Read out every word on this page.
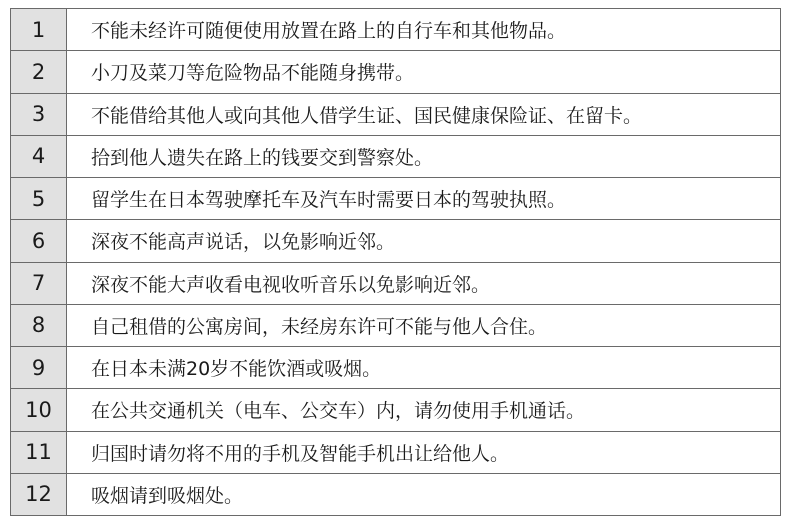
1	不能未经许可随便使用放置在路上的自行车和其他物品。
2	小刀及菜刀等危险物品不能随身携带。
3	不能借给其他人或向其他人借学生证、国民健康保险证、在留卡。
4	拾到他人遗失在路上的钱要交到警察处。
5	留学生在日本驾驶摩托车及汽车时需要日本的驾驶执照。
6	深夜不能高声说话，以免影响近邻。
7	深夜不能大声收看电视收听音乐以免影响近邻。
8	自己租借的公寓房间，未经房东许可不能与他人合住。
9	在日本未满20岁不能饮酒或吸烟。
10	在公共交通机关（电车、公交车）内，请勿使用手机通话。
11	归国时请勿将不用的手机及智能手机出让给他人。
12	吸烟请到吸烟处。
